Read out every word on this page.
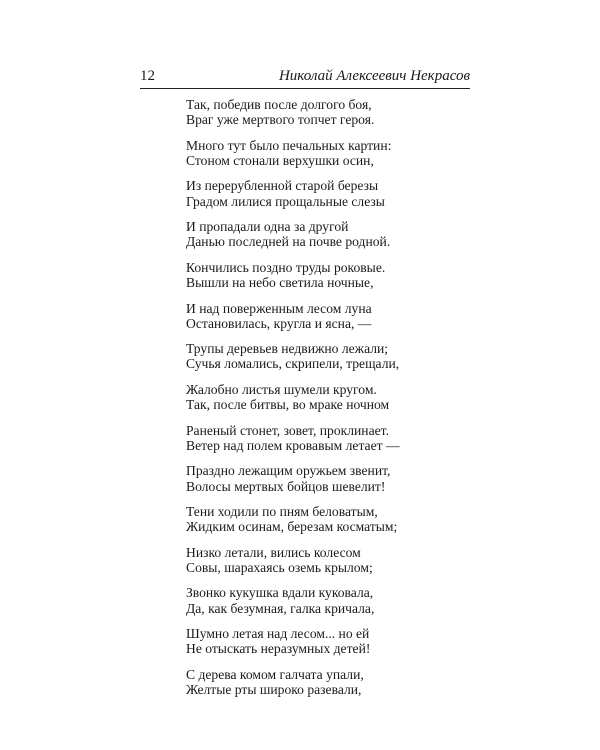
12	Николай Алексеевич Некрасов
Так, победив после долгого боя,
Враг уже мертвого топчет героя.
Много тут было печальных картин:
Стоном стонали верхушки осин,
Из перерубленной старой березы
Градом лилися прощальные слезы
И пропадали одна за другой
Данью последней на почве родной.
Кончились поздно труды роковые.
Вышли на небо светила ночные,
И над поверженным лесом луна
Остановилась, кругла и ясна, —
Трупы деревьев недвижно лежали;
Сучья ломались, скрипели, трещали,
Жалобно листья шумели кругом.
Так, после битвы, во мраке ночном
Раненый стонет, зовет, проклинает.
Ветер над полем кровавым летает —
Праздно лежащим оружьем звенит,
Волосы мертвых бойцов шевелит!
Тени ходили по пням беловатым,
Жидким осинам, березам косматым;
Низко летали, вились колесом
Совы, шарахаясь оземь крылом;
Звонко кукушка вдали куковала,
Да, как безумная, галка кричала,
Шумно летая над лесом... но ей
Не отыскать неразумных детей!
С дерева комом галчата упали,
Желтые рты широко разевали,
